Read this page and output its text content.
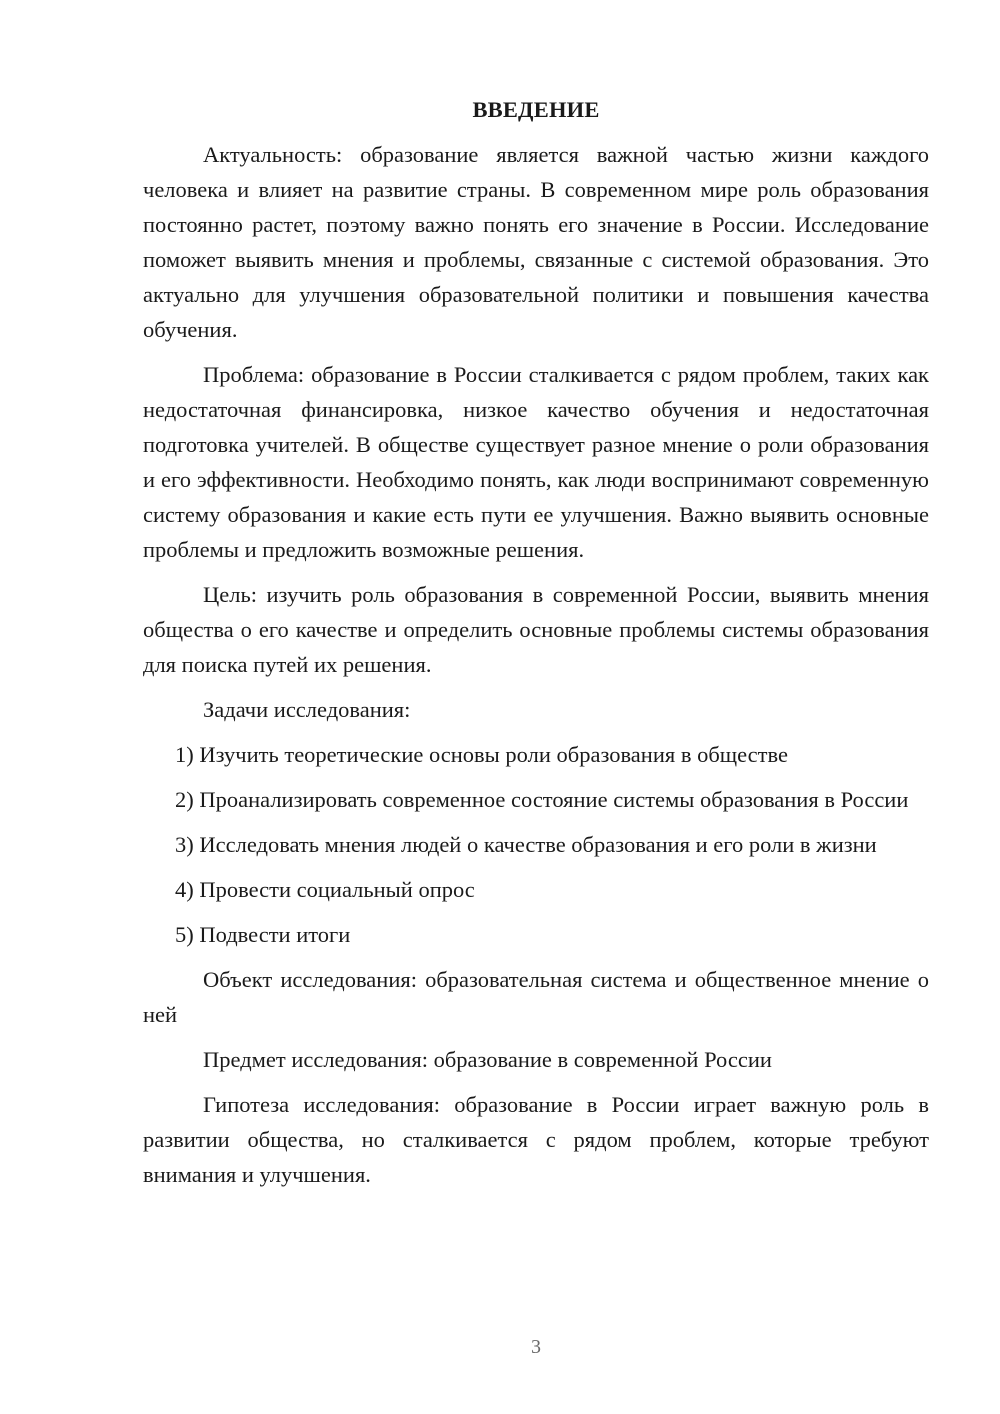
ВВЕДЕНИЕ

Актуальность: образование является важной частью жизни каждого человека и влияет на развитие страны. В современном мире роль образования постоянно растет, поэтому важно понять его значение в России. Исследование поможет выявить мнения и проблемы, связанные с системой образования. Это актуально для улучшения образовательной политики и повышения качества обучения.

Проблема: образование в России сталкивается с рядом проблем, таких как недостаточная финансировка, низкое качество обучения и недостаточная подготовка учителей. В обществе существует разное мнение о роли образования и его эффективности. Необходимо понять, как люди воспринимают современную систему образования и какие есть пути ее улучшения. Важно выявить основные проблемы и предложить возможные решения.

Цель: изучить роль образования в современной России, выявить мнения общества о его качестве и определить основные проблемы системы образования для поиска путей их решения.

Задачи исследования:

1) Изучить теоретические основы роли образования в обществе

2) Проанализировать современное состояние системы образования в России

3) Исследовать мнения людей о качестве образования и его роли в жизни

4) Провести социальный опрос

5) Подвести итоги

Объект исследования: образовательная система и общественное мнение о ней

Предмет исследования: образование в современной России

Гипотеза исследования: образование в России играет важную роль в развитии общества, но сталкивается с рядом проблем, которые требуют внимания и улучшения.

3
